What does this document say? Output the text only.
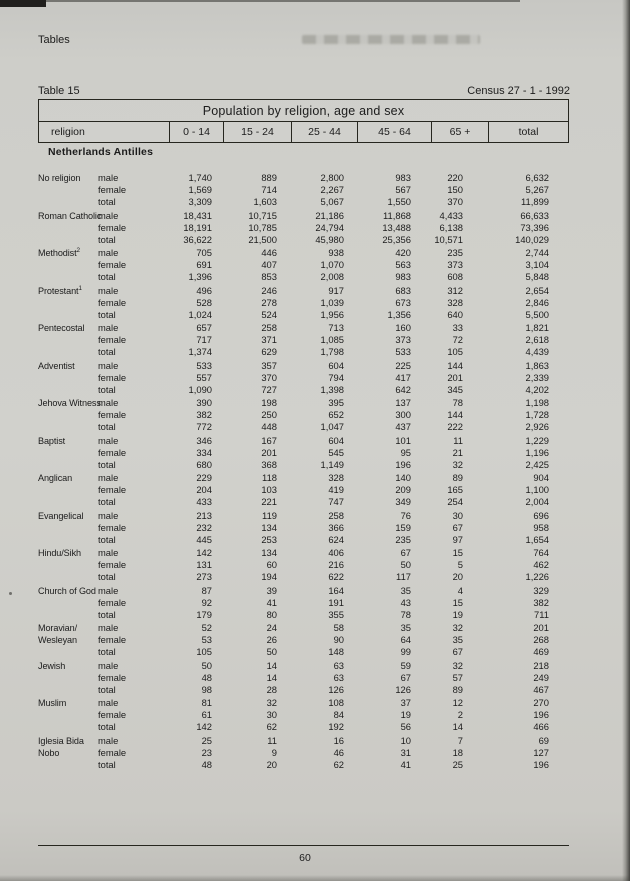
Tables
Table 15	Census 27 - 1 - 1992
Population by religion, age and sex
religion	0 - 14	15 - 24	25 - 44	45 - 64	65 +	total
Netherlands Antilles
No religion	male	1,740	889	2,800	983	220	6,632
female	1,569	714	2,267	567	150	5,267
total	3,309	1,603	5,067	1,550	370	11,899
Roman Catholic
male	18,431	10,715	21,186	11,868	4,433	66,633
female	18,191	10,785	24,794	13,488	6,138	73,396
total	36,622	21,500	45,980	25,356	10,571	140,029
Methodist$^2$	male	705	446	938	420	235	2,744
female	691	407	1,070	563	373	3,104
total	1,396	853	2,008	983	608	5,848
Protestant$^1$	male	496	246	917	683	312	2,654
female	528	278	1,039	673	328	2,846
total	1,024	524	1,956	1,356	640	5,500
Pentecostal	male	657	258	713	160	33	1,821
female	717	371	1,085	373	72	2,618
total	1,374	629	1,798	533	105	4,439
Adventist	male	533	357	604	225	144	1,863
female	557	370	794	417	201	2,339
total	1,090	727	1,398	642	345	4,202
Jehova Witness
male	390	198	395	137	78	1,198
female	382	250	652	300	144	1,728
total	772	448	1,047	437	222	2,926
Baptist	male	346	167	604	101	11	1,229
female	334	201	545	95	21	1,196
total	680	368	1,149	196	32	2,425
Anglican	male	229	118	328	140	89	904
female	204	103	419	209	165	1,100
total	433	221	747	349	254	2,004
Evangelical	male	213	119	258	76	30	696
female	232	134	366	159	67	958
total	445	253	624	235	97	1,654
Hindu/Sikh	male	142	134	406	67	15	764
female	131	60	216	50	5	462
total	273	194	622	117	20	1,226
Church of God male	87	39	164	35	4	329
female	92	41	191	43	15	382
total	179	80	355	78	19	711
Moravian/	male	52	24	58	35	32	201
Wesleyan	female	53	26	90	64	35	268
total	105	50	148	99	67	469
Jewish	male	50	14	63	59	32	218
female	48	14	63	67	57	249
total	98	28	126	126	89	467
Muslim	male	81	32	108	37	12	270
female	61	30	84	19	2	196
total	142	62	192	56	14	466
Iglesia Bida	male	25	11	16	10	7	69
Nobo	female	23	9	46	31	18	127
total	48	20	62	41	25	196
60
